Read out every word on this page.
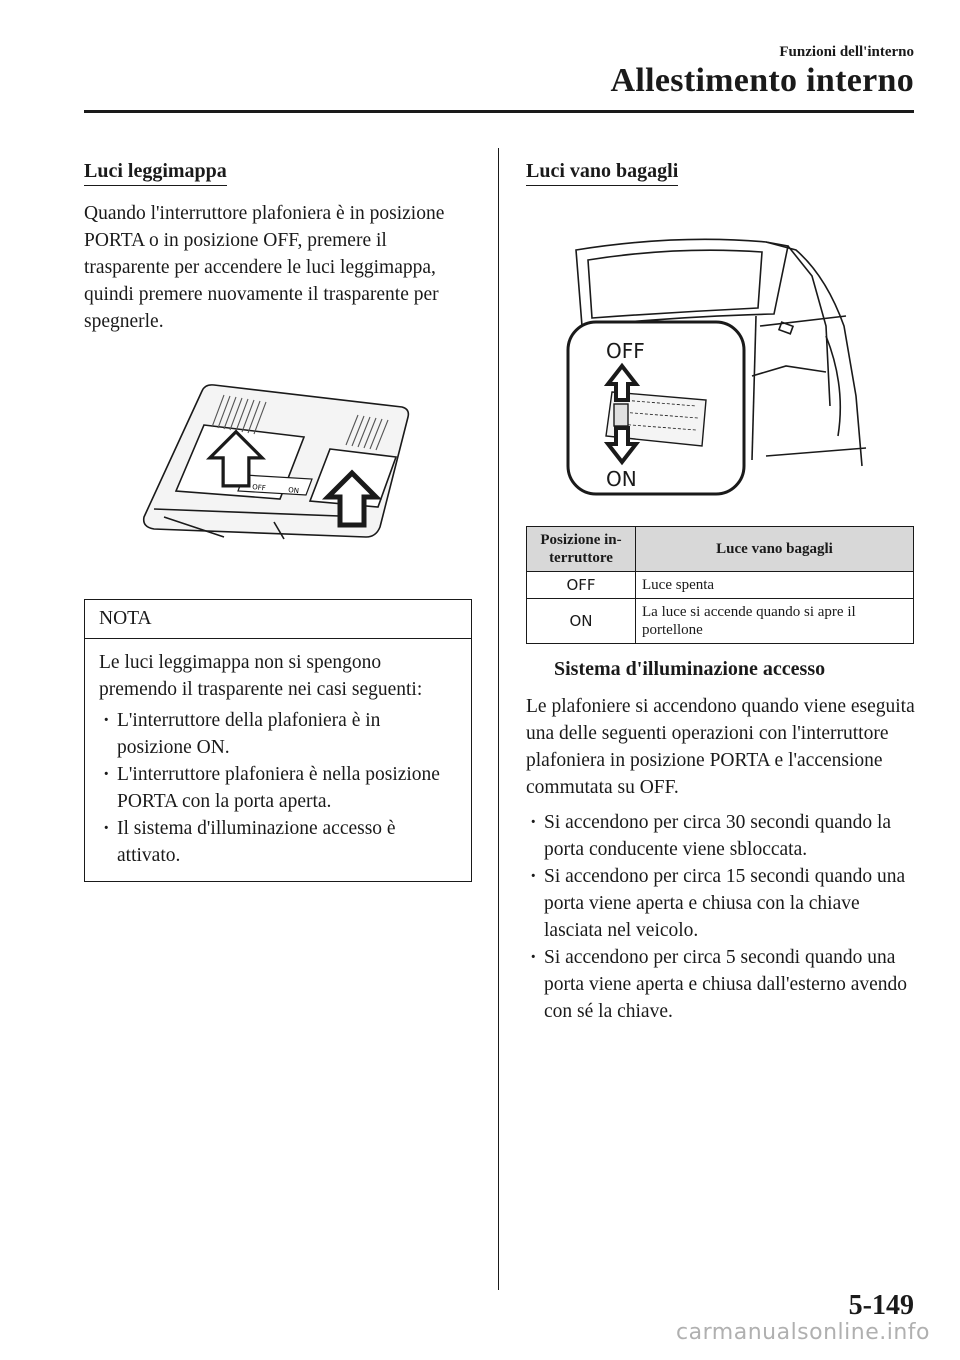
Funzioni dell'interno
Allestimento interno
Luci leggimappa

Quando l'interruttore plafoniera è in posizione PORTA o in posizione OFF, premere il trasparente per accendere le luci leggimappa, quindi premere nuovamente il trasparente per spegnerle.

OFF	ON
NOTA
Le luci leggimappa non si spengono premendo il trasparente nei casi seguenti:
· L'interruttore della plafoniera è in posizione ON.
· L'interruttore plafoniera è nella posizione PORTA con la porta aperta.
· Il sistema d'illuminazione accesso è attivato.
Luci vano bagagli
OFF
ON
Posizione in-terruttore	Luce vano bagagli
OFF	Luce spenta
ON	La luce si accende quando si apre il portellone
Sistema d'illuminazione accesso

Le plafoniere si accendono quando viene eseguita una delle seguenti operazioni con l'interruttore plafoniera in posizione PORTA e l'accensione commutata su OFF.

· Si accendono per circa 30 secondi quando la porta conducente viene sbloccata.
· Si accendono per circa 15 secondi quando una porta viene aperta e chiusa con la chiave lasciata nel veicolo.
· Si accendono per circa 5 secondi quando una porta viene aperta e chiusa dall'esterno avendo con sé la chiave.
5-149
carmanualsonline.info
